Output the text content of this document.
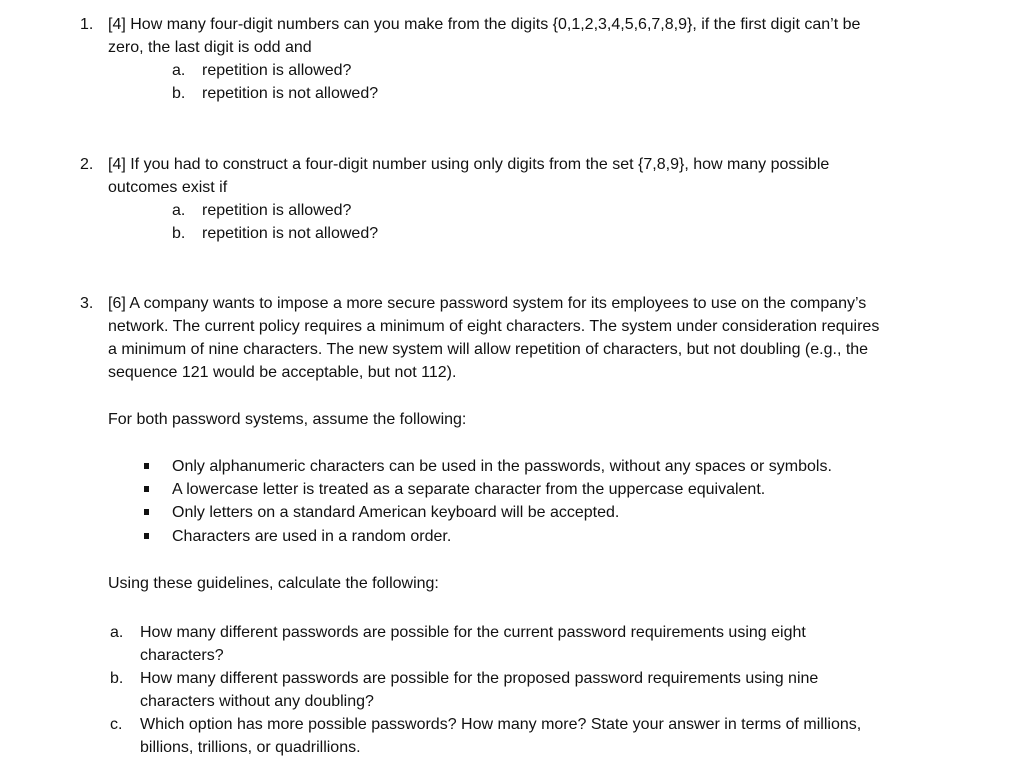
1. [4] How many four-digit numbers can you make from the digits {0,1,2,3,4,5,6,7,8,9}, if the first digit can’t be
zero, the last digit is odd and
a. repetition is allowed?
b. repetition is not allowed?
2. [4] If you had to construct a four-digit number using only digits from the set {7,8,9}, how many possible
outcomes exist if
a. repetition is allowed?
b. repetition is not allowed?
3. [6] A company wants to impose a more secure password system for its employees to use on the company’s
network. The current policy requires a minimum of eight characters. The system under consideration requires
a minimum of nine characters. The new system will allow repetition of characters, but not doubling (e.g., the
sequence 121 would be acceptable, but not 112).
For both password systems, assume the following:
Only alphanumeric characters can be used in the passwords, without any spaces or symbols.
A lowercase letter is treated as a separate character from the uppercase equivalent.
Only letters on a standard American keyboard will be accepted.
Characters are used in a random order.
Using these guidelines, calculate the following:
a. How many different passwords are possible for the current password requirements using eight
characters?
b. How many different passwords are possible for the proposed password requirements using nine
characters without any doubling?
c. Which option has more possible passwords? How many more? State your answer in terms of millions,
billions, trillions, or quadrillions.
